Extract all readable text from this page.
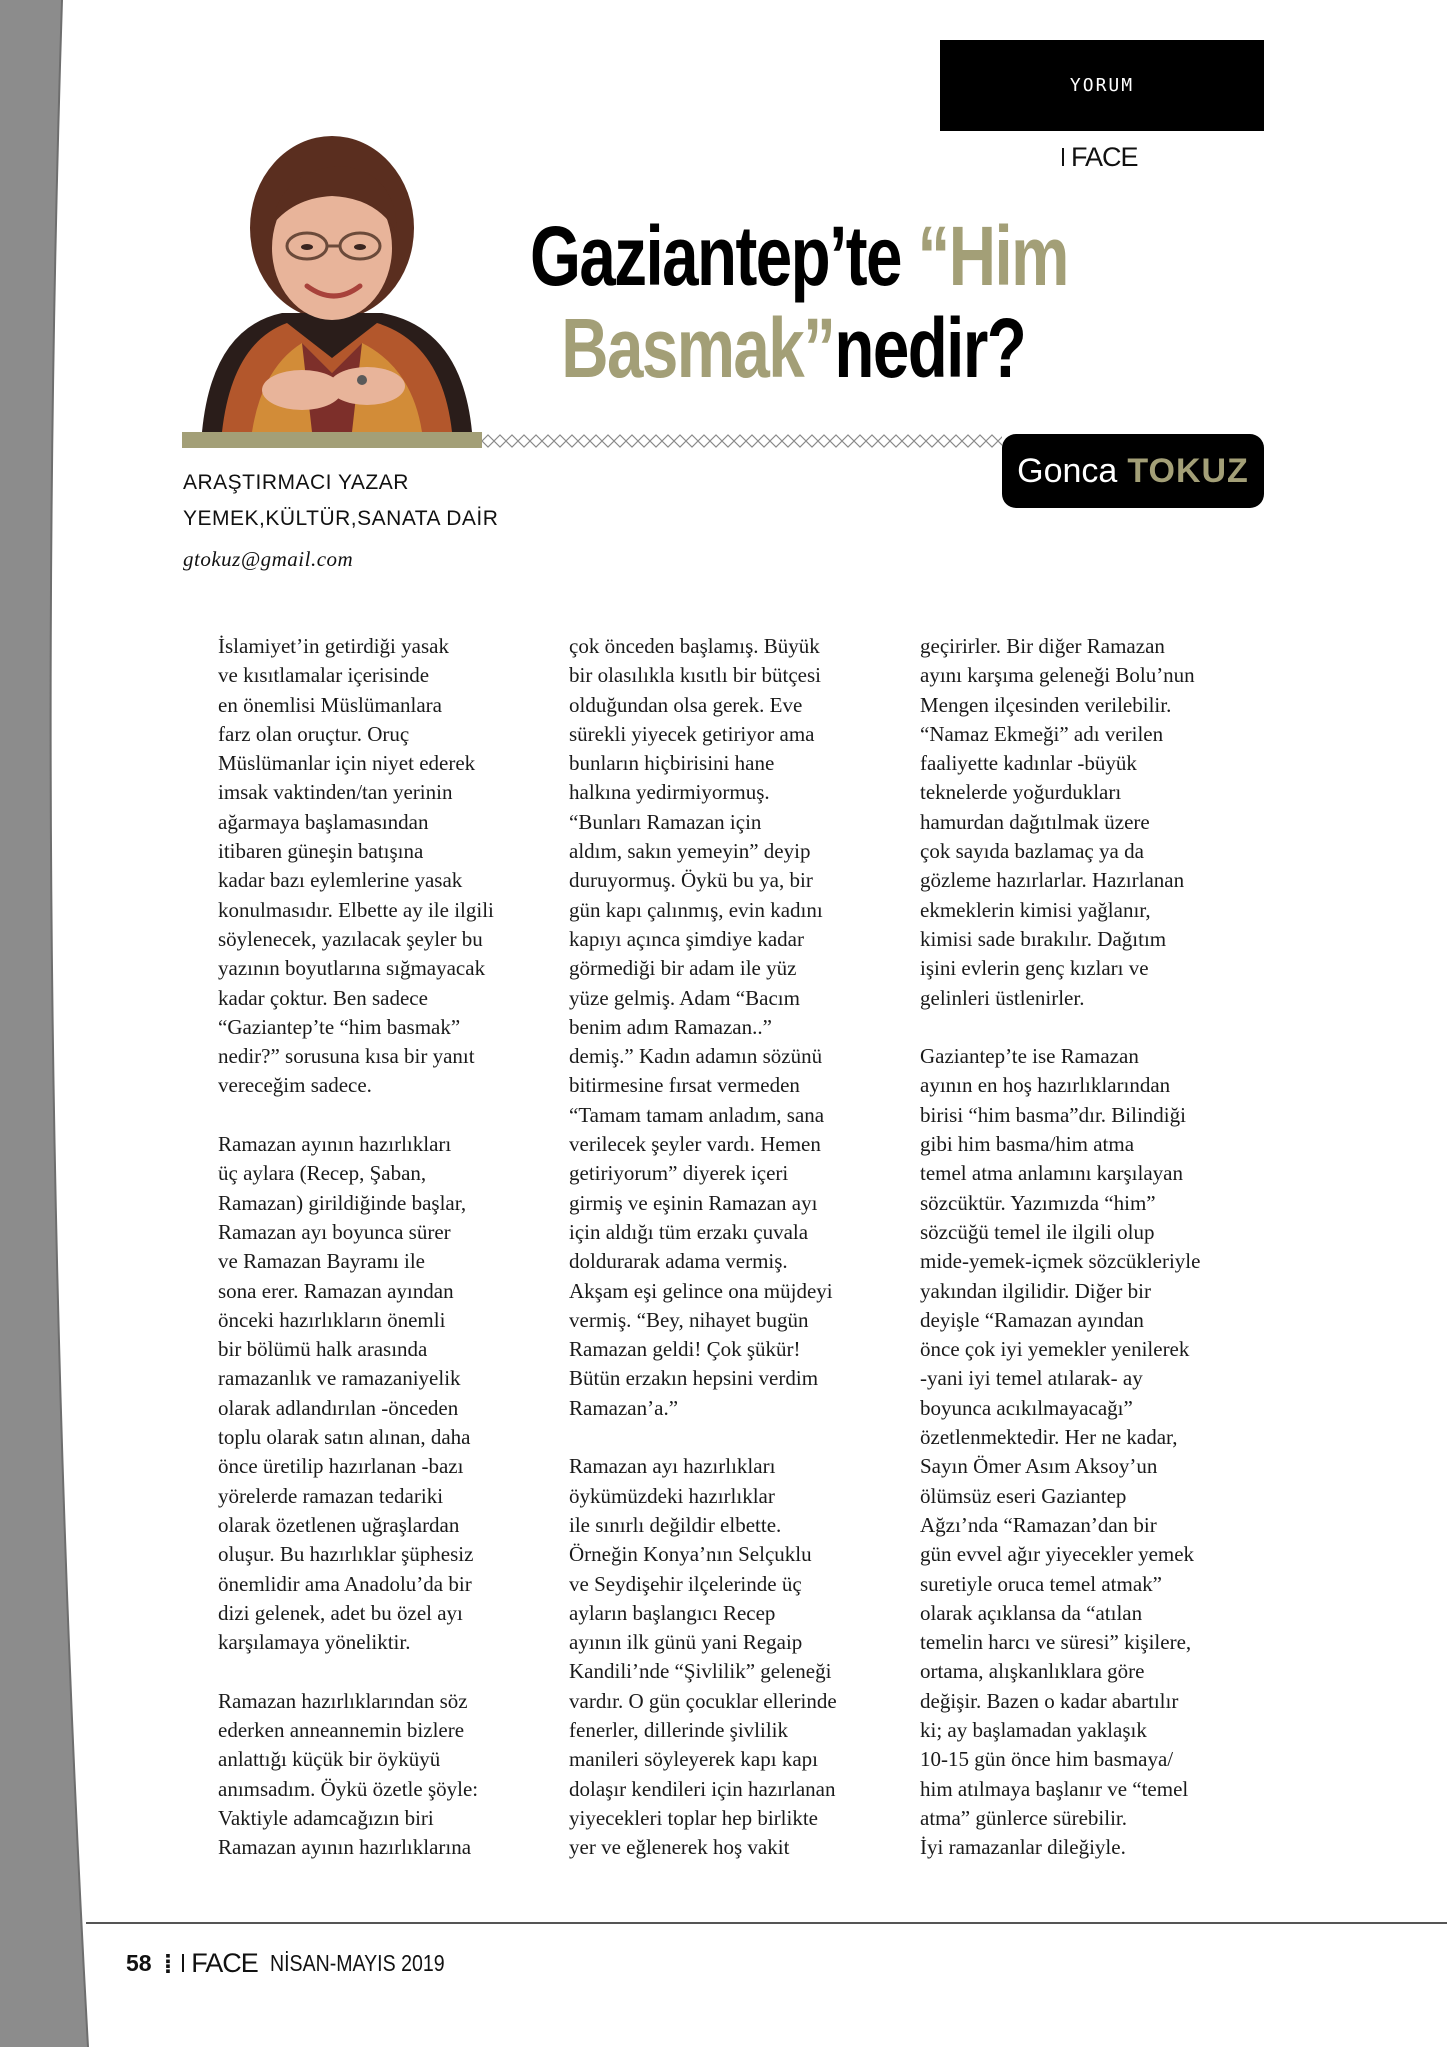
YORUM
FACE
Gaziantep’te “Him
Basmak”nedir?
Gonca TOKUZ
ARAŞTIRMACI YAZAR
YEMEK,KÜLTÜR,SANATA DAİR
gtokuz@gmail.com

İslamiyet’in getirdiği yasak
ve kısıtlamalar içerisinde
en önemlisi Müslümanlara
farz olan oruçtur. Oruç
Müslümanlar için niyet ederek
imsak vaktinden/tan yerinin
ağarmaya başlamasından
itibaren güneşin batışına
kadar bazı eylemlerine yasak
konulmasıdır. Elbette ay ile ilgili
söylenecek, yazılacak şeyler bu
yazının boyutlarına sığmayacak
kadar çoktur. Ben sadece
“Gaziantep’te “him basmak”
nedir?” sorusuna kısa bir yanıt
vereceğim sadece.

Ramazan ayının hazırlıkları
üç aylara (Recep, Şaban,
Ramazan) girildiğinde başlar,
Ramazan ayı boyunca sürer
ve Ramazan Bayramı ile
sona erer. Ramazan ayından
önceki hazırlıkların önemli
bir bölümü halk arasında
ramazanlık ve ramazaniyelik
olarak adlandırılan -önceden
toplu olarak satın alınan, daha
önce üretilip hazırlanan -bazı
yörelerde ramazan tedariki
olarak özetlenen uğraşlardan
oluşur. Bu hazırlıklar şüphesiz
önemlidir ama Anadolu’da bir
dizi gelenek, adet bu özel ayı
karşılamaya yöneliktir.

Ramazan hazırlıklarından söz
ederken anneannemin bizlere
anlattığı küçük bir öyküyü
anımsadım. Öykü özetle şöyle:
Vaktiyle adamcağızın biri
Ramazan ayının hazırlıklarına

çok önceden başlamış. Büyük
bir olasılıkla kısıtlı bir bütçesi
olduğundan olsa gerek. Eve
sürekli yiyecek getiriyor ama
bunların hiçbirisini hane
halkına yedirmiyormuş.
“Bunları Ramazan için
aldım, sakın yemeyin” deyip
duruyormuş. Öykü bu ya, bir
gün kapı çalınmış, evin kadını
kapıyı açınca şimdiye kadar
görmediği bir adam ile yüz
yüze gelmiş. Adam “Bacım
benim adım Ramazan..”
demiş.” Kadın adamın sözünü
bitirmesine fırsat vermeden
“Tamam tamam anladım, sana
verilecek şeyler vardı. Hemen
getiriyorum” diyerek içeri
girmiş ve eşinin Ramazan ayı
için aldığı tüm erzakı çuvala
doldurarak adama vermiş.
Akşam eşi gelince ona müjdeyi
vermiş. “Bey, nihayet bugün
Ramazan geldi! Çok şükür!
Bütün erzakın hepsini verdim
Ramazan’a.”

Ramazan ayı hazırlıkları
öykümüzdeki hazırlıklar
ile sınırlı değildir elbette.
Örneğin Konya’nın Selçuklu
ve Seydişehir ilçelerinde üç
ayların başlangıcı Recep
ayının ilk günü yani Regaip
Kandili’nde “Şivlilik” geleneği
vardır. O gün çocuklar ellerinde
fenerler, dillerinde şivlilik
manileri söyleyerek kapı kapı
dolaşır kendileri için hazırlanan
yiyecekleri toplar hep birlikte
yer ve eğlenerek hoş vakit

geçirirler. Bir diğer Ramazan
ayını karşıma geleneği Bolu’nun
Mengen ilçesinden verilebilir.
“Namaz Ekmeği” adı verilen
faaliyette kadınlar -büyük
teknelerde yoğurdukları
hamurdan dağıtılmak üzere
çok sayıda bazlamaç ya da
gözleme hazırlarlar. Hazırlanan
ekmeklerin kimisi yağlanır,
kimisi sade bırakılır. Dağıtım
işini evlerin genç kızları ve
gelinleri üstlenirler.

Gaziantep’te ise Ramazan
ayının en hoş hazırlıklarından
birisi “him basma”dır. Bilindiği
gibi him basma/him atma
temel atma anlamını karşılayan
sözcüktür. Yazımızda “him”
sözcüğü temel ile ilgili olup
mide-yemek-içmek sözcükleriyle
yakından ilgilidir. Diğer bir
deyişle “Ramazan ayından
önce çok iyi yemekler yenilerek
-yani iyi temel atılarak- ay
boyunca acıkılmayacağı”
özetlenmektedir. Her ne kadar,
Sayın Ömer Asım Aksoy’un
ölümsüz eseri Gaziantep
Ağzı’nda “Ramazan’dan bir
gün evvel ağır yiyecekler yemek
suretiyle oruca temel atmak”
olarak açıklansa da “atılan
temelin harcı ve süresi” kişilere,
ortama, alışkanlıklara göre
değişir. Bazen o kadar abartılır
ki; ay başlamadan yaklaşık
10-15 gün önce him basmaya/
him atılmaya başlanır ve “temel
atma” günlerce sürebilir.
İyi ramazanlar dileğiyle.

58 ⁞ FACE NİSAN-MAYIS 2019
